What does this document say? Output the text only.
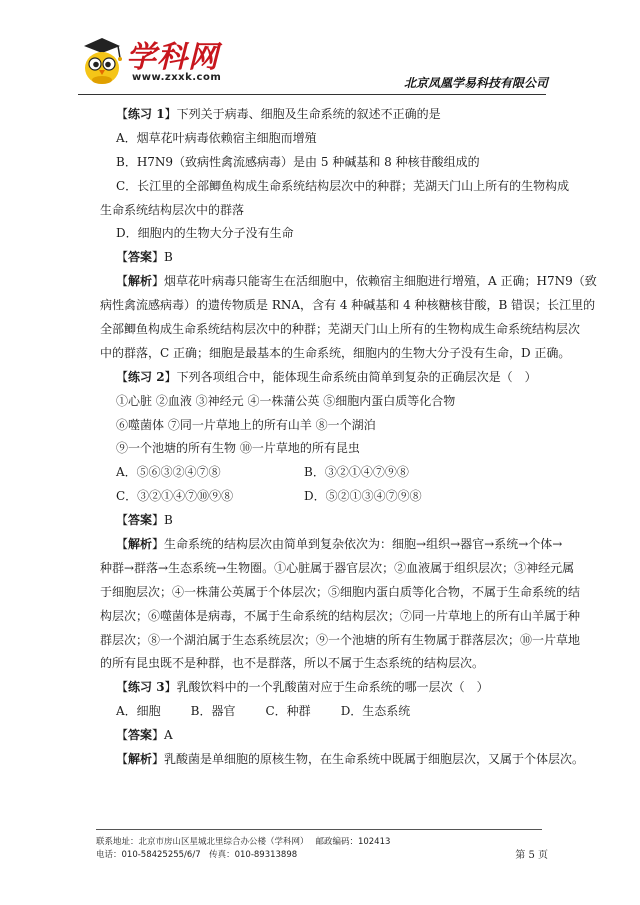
学科网
www.zxxk.com	北京凤凰学易科技有限公司
【练习 1】下列关于病毒、细胞及生命系统的叙述不正确的是
A．烟草花叶病毒依赖宿主细胞而增殖
B．H7N9（致病性禽流感病毒）是由 5 种碱基和 8 种核苷酸组成的
C．长江里的全部鲫鱼构成生命系统结构层次中的种群；芜湖天门山上所有的生物构成
生命系统结构层次中的群落
D．细胞内的生物大分子没有生命
【答案】B
【解析】烟草花叶病毒只能寄生在活细胞中，依赖宿主细胞进行增殖，A 正确；H7N9（致
病性禽流感病毒）的遗传物质是 RNA，含有 4 种碱基和 4 种核糖核苷酸，B 错误；长江里的
全部鲫鱼构成生命系统结构层次中的种群；芜湖天门山上所有的生物构成生命系统结构层次
中的群落，C 正确；细胞是最基本的生命系统，细胞内的生物大分子没有生命，D 正确。
【练习 2】下列各项组合中，能体现生命系统由简单到复杂的正确层次是（　）
①心脏 ②血液 ③神经元 ④一株蒲公英 ⑤细胞内蛋白质等化合物
⑥噬菌体 ⑦同一片草地上的所有山羊 ⑧一个湖泊
⑨一个池塘的所有生物 ⑩一片草地的所有昆虫
A．⑤⑥③②④⑦⑧	B．③②①④⑦⑨⑧
C．③②①④⑦⑩⑨⑧	D．⑤②①③④⑦⑨⑧
【答案】B
【解析】生命系统的结构层次由简单到复杂依次为：细胞→组织→器官→系统→个体→
种群→群落→生态系统→生物圈。①心脏属于器官层次；②血液属于组织层次；③神经元属
于细胞层次；④一株蒲公英属于个体层次；⑤细胞内蛋白质等化合物，不属于生命系统的结
构层次；⑥噬菌体是病毒，不属于生命系统的结构层次；⑦同一片草地上的所有山羊属于种
群层次；⑧一个湖泊属于生态系统层次；⑨一个池塘的所有生物属于群落层次；⑩一片草地
的所有昆虫既不是种群，也不是群落，所以不属于生态系统的结构层次。
【练习 3】乳酸饮料中的一个乳酸菌对应于生命系统的哪一层次（　）
A．细胞	B．器官	C．种群	D．生态系统
【答案】A
【解析】乳酸菌是单细胞的原核生物，在生命系统中既属于细胞层次，又属于个体层次。
联系地址：北京市房山区星城北里综合办公楼（学科网）　 邮政编码：102413
电话：010-58425255/6/7　传真：010-89313898	第 5 页
